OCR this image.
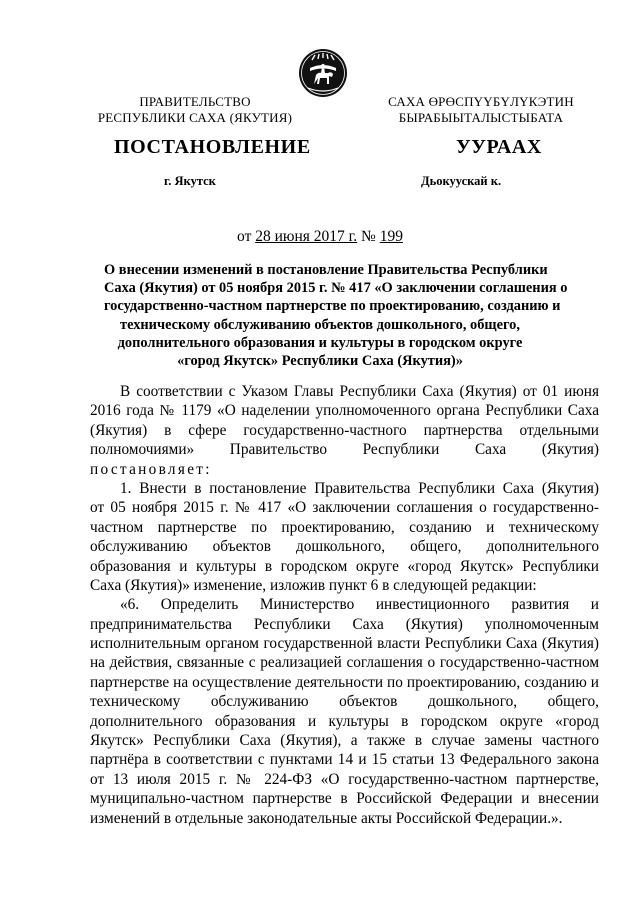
ПРАВИТЕЛЬСТВО
РЕСПУБЛИКИ САХА (ЯКУТИЯ)
САХА ӨРӨСПҮҮБҮЛҮКЭТИН
БЫРАБЫЫТАЛЫСТЫБАТА
ПОСТАНОВЛЕНИЕ	УУРААХ
г. Якутск	Дьокуускай к.
от 28 июня 2017 г. № 199
О внесении изменений в постановление Правительства Республики
Саха (Якутия) от 05 ноября 2015 г. № 417 «О заключении соглашения о
государственно-частном партнерстве по проектированию, созданию и
техническому обслуживанию объектов дошкольного, общего,
дополнительного образования и культуры в городском округе
«город Якутск» Республики Саха (Якутия)»
В соответствии с Указом Главы Республики Саха (Якутия) от 01 июня
2016 года № 1179 «О наделении уполномоченного органа Республики Саха
(Якутия) в сфере государственно-частного партнерства отдельными
полномочиями» Правительство Республики Саха (Якутия)
постановляет:
1. Внести в постановление Правительства Республики Саха (Якутия)
от 05 ноября 2015 г. № 417 «О заключении соглашения о государственно-
частном партнерстве по проектированию, созданию и техническому
обслуживанию объектов дошкольного, общего, дополнительного
образования и культуры в городском округе «город Якутск» Республики
Саха (Якутия)» изменение, изложив пункт 6 в следующей редакции:
«6. Определить Министерство инвестиционного развития и
предпринимательства Республики Саха (Якутия) уполномоченным
исполнительным органом государственной власти Республики Саха (Якутия)
на действия, связанные с реализацией соглашения о государственно-частном
партнерстве на осуществление деятельности по проектированию, созданию и
техническому обслуживанию объектов дошкольного, общего,
дополнительного образования и культуры в городском округе «город
Якутск» Республики Саха (Якутия), а также в случае замены частного
партнёра в соответствии с пунктами 14 и 15 статьи 13 Федерального закона
от 13 июля 2015 г. № 224-ФЗ «О государственно-частном партнерстве,
муниципально-частном партнерстве в Российской Федерации и внесении
изменений в отдельные законодательные акты Российской Федерации.».
